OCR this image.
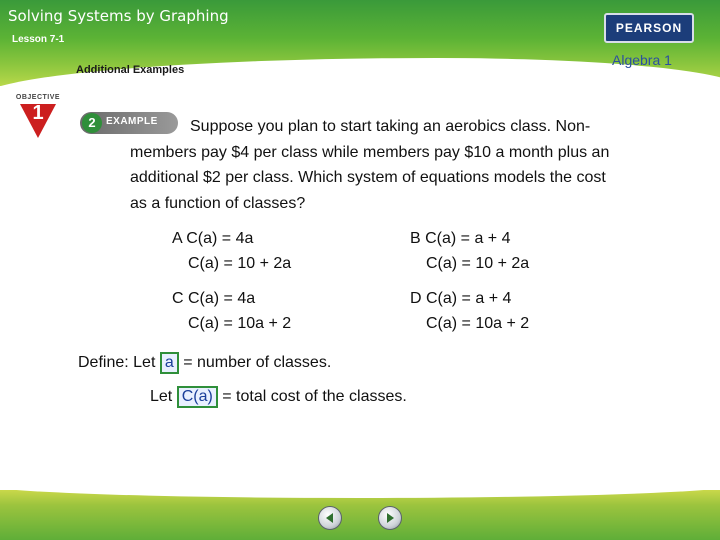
Solving Systems by Graphing
Lesson 7-1
Additional Examples
PEARSON
Algebra 1
OBJECTIVE
1	2	EXAMPLE	Suppose you plan to start taking an aerobics class. Non-members pay $4 per class while members pay $10 a month plus an additional $2 per class. Which system of equations models the cost as a function of classes?

A C(a) = 4a
C(a) = 10 + 2a
B C(a) = a + 4
C(a) = 10 + 2a
C C(a) = 4a
C(a) = 10a + 2
D C(a) = a + 4
C(a) = 10a + 2
Define: Let a = number of classes.
Let C(a) = total cost of the classes.
